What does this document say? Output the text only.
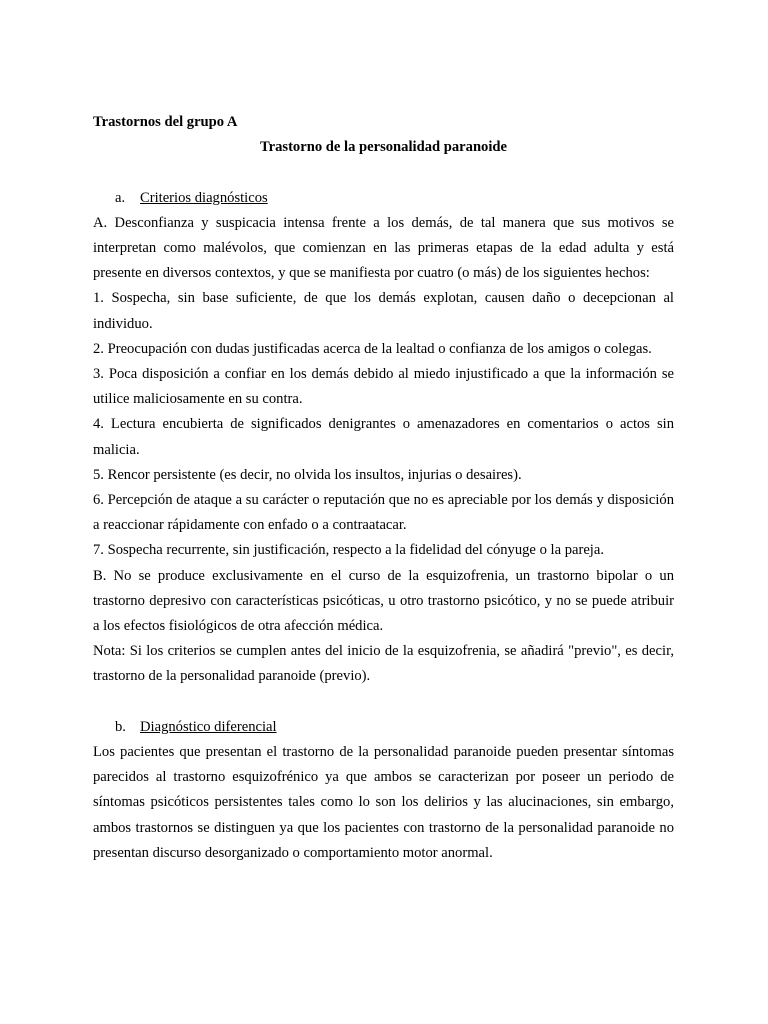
Trastornos del grupo A

Trastorno de la personalidad paranoide

a. Criterios diagnósticos

A. Desconfianza y suspicacia intensa frente a los demás, de tal manera que sus motivos se interpretan como malévolos, que comienzan en las primeras etapas de la edad adulta y está presente en diversos contextos, y que se manifiesta por cuatro (o más) de los siguientes hechos:

1. Sospecha, sin base suficiente, de que los demás explotan, causen daño o decepcionan al individuo.

2. Preocupación con dudas justificadas acerca de la lealtad o confianza de los amigos o colegas.

3. Poca disposición a confiar en los demás debido al miedo injustificado a que la información se utilice maliciosamente en su contra.

4. Lectura encubierta de significados denigrantes o amenazadores en comentarios o actos sin malicia.

5. Rencor persistente (es decir, no olvida los insultos, injurias o desaires).

6. Percepción de ataque a su carácter o reputación que no es apreciable por los demás y disposición a reaccionar rápidamente con enfado o a contraatacar.

7. Sospecha recurrente, sin justificación, respecto a la fidelidad del cónyuge o la pareja.

B. No se produce exclusivamente en el curso de la esquizofrenia, un trastorno bipolar o un trastorno depresivo con características psicóticas, u otro trastorno psicótico, y no se puede atribuir a los efectos fisiológicos de otra afección médica.

Nota: Si los criterios se cumplen antes del inicio de la esquizofrenia, se añadirá "previo", es decir, trastorno de la personalidad paranoide (previo).

b. Diagnóstico diferencial

Los pacientes que presentan el trastorno de la personalidad paranoide pueden presentar síntomas parecidos al trastorno esquizofrénico ya que ambos se caracterizan por poseer un periodo de síntomas psicóticos persistentes tales como lo son los delirios y las alucinaciones, sin embargo, ambos trastornos se distinguen ya que los pacientes con trastorno de la personalidad paranoide no presentan discurso desorganizado o comportamiento motor anormal.
